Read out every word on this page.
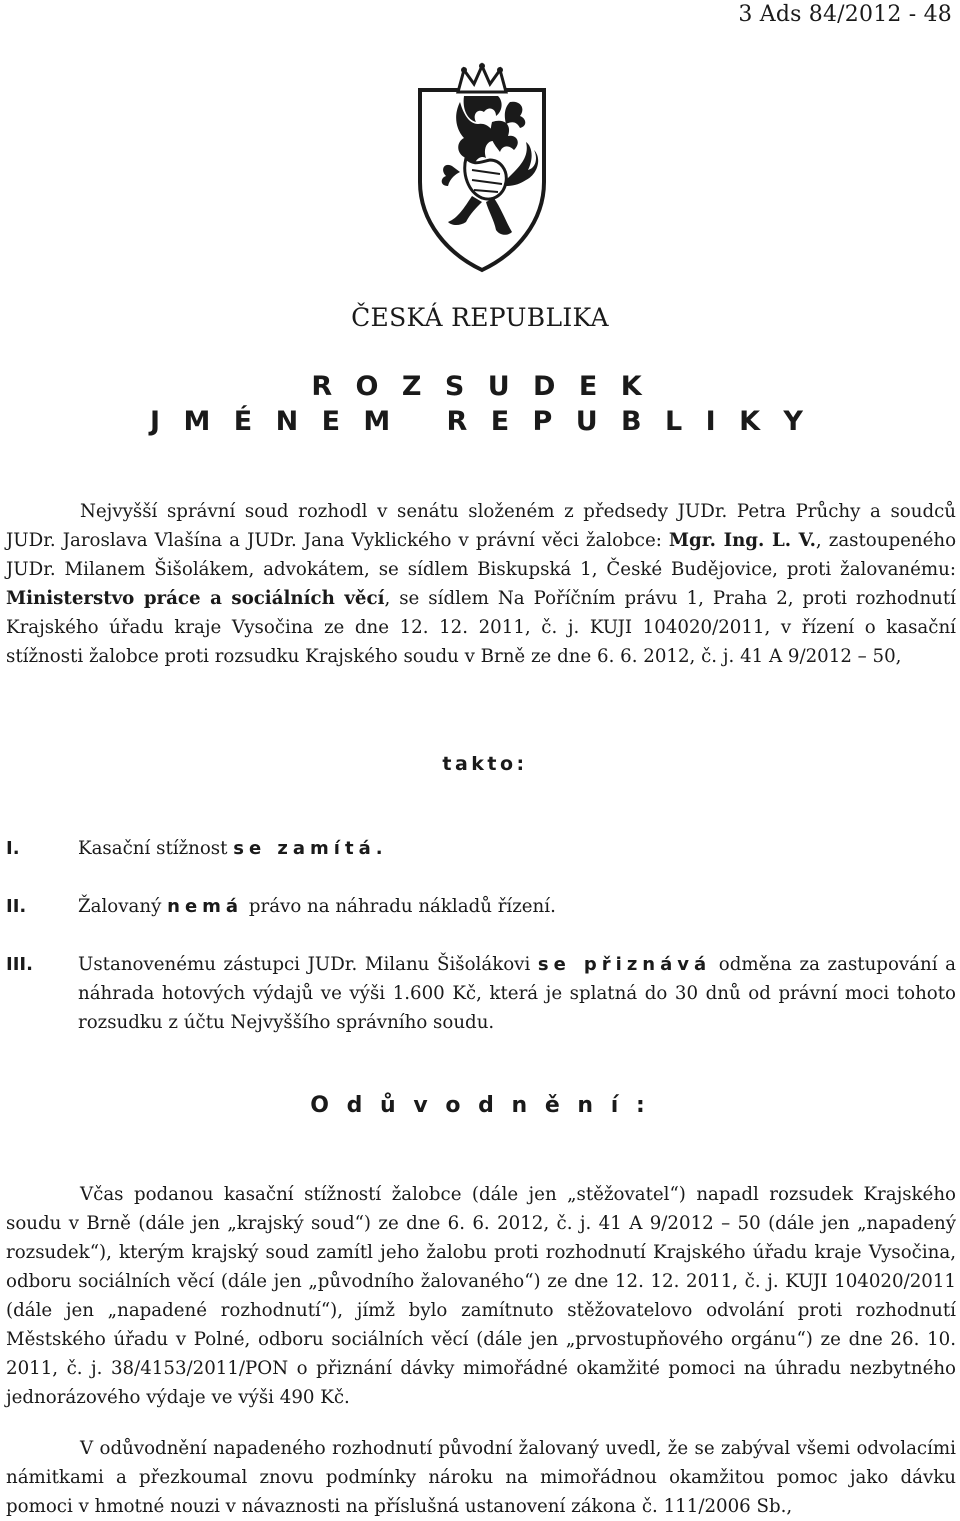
3 Ads 84/2012 - 48
ČESKÁ REPUBLIKA
R O Z S U D E K
J M É N E M   R E P U B L I K Y

Nejvyšší správní soud rozhodl v senátu složeném z předsedy JUDr. Petra Průchy a soudců JUDr. Jaroslava Vlašína a JUDr. Jana Vyklického v právní věci žalobce: Mgr. Ing. L. V., zastoupeného JUDr. Milanem Šišolákem, advokátem, se sídlem Biskupská 1, České Budějovice, proti žalovanému: Ministerstvo práce a sociálních věcí, se sídlem Na Poříčním právu 1, Praha 2, proti rozhodnutí Krajského úřadu kraje Vysočina ze dne 12. 12. 2011, č. j. KUJI 104020/2011, v řízení o kasační stížnosti žalobce proti rozsudku Krajského soudu v Brně ze dne 6. 6. 2012, č. j. 41 A 9/2012 – 50,

takto:
I.	Kasační stížnost se zamítá.
II.	Žalovaný nemá právo na náhradu nákladů řízení.
III. Ustanovenému zástupci JUDr. Milanu Šišolákovi se přiznává odměna za zastupování a náhrada hotových výdajů ve výši 1.600 Kč, která je splatná do 30 dnů od právní moci tohoto rozsudku z účtu Nejvyššího správního soudu.
O d ů v o d n ě n í :

Včas podanou kasační stížností žalobce (dále jen „stěžovatel“) napadl rozsudek Krajského soudu v Brně (dále jen „krajský soud“) ze dne 6. 6. 2012, č. j. 41 A 9/2012 – 50 (dále jen „napadený rozsudek“), kterým krajský soud zamítl jeho žalobu proti rozhodnutí Krajského úřadu kraje Vysočina, odboru sociálních věcí (dále jen „původního žalovaného“) ze dne 12. 12. 2011, č. j. KUJI 104020/2011 (dále jen „napadené rozhodnutí“), jímž bylo zamítnuto stěžovatelovo odvolání proti rozhodnutí Městského úřadu v Polné, odboru sociálních věcí (dále jen „prvostupňového orgánu“) ze dne 26. 10. 2011, č. j. 38/4153/2011/PON o přiznání dávky mimořádné okamžité pomoci na úhradu nezbytného jednorázového výdaje ve výši 490 Kč.

V odůvodnění napadeného rozhodnutí původní žalovaný uvedl, že se zabýval všemi odvolacími námitkami a přezkoumal znovu podmínky nároku na mimořádnou okamžitou pomoc jako dávku pomoci v hmotné nouzi v návaznosti na příslušná ustanovení zákona č. 111/2006 Sb.,
